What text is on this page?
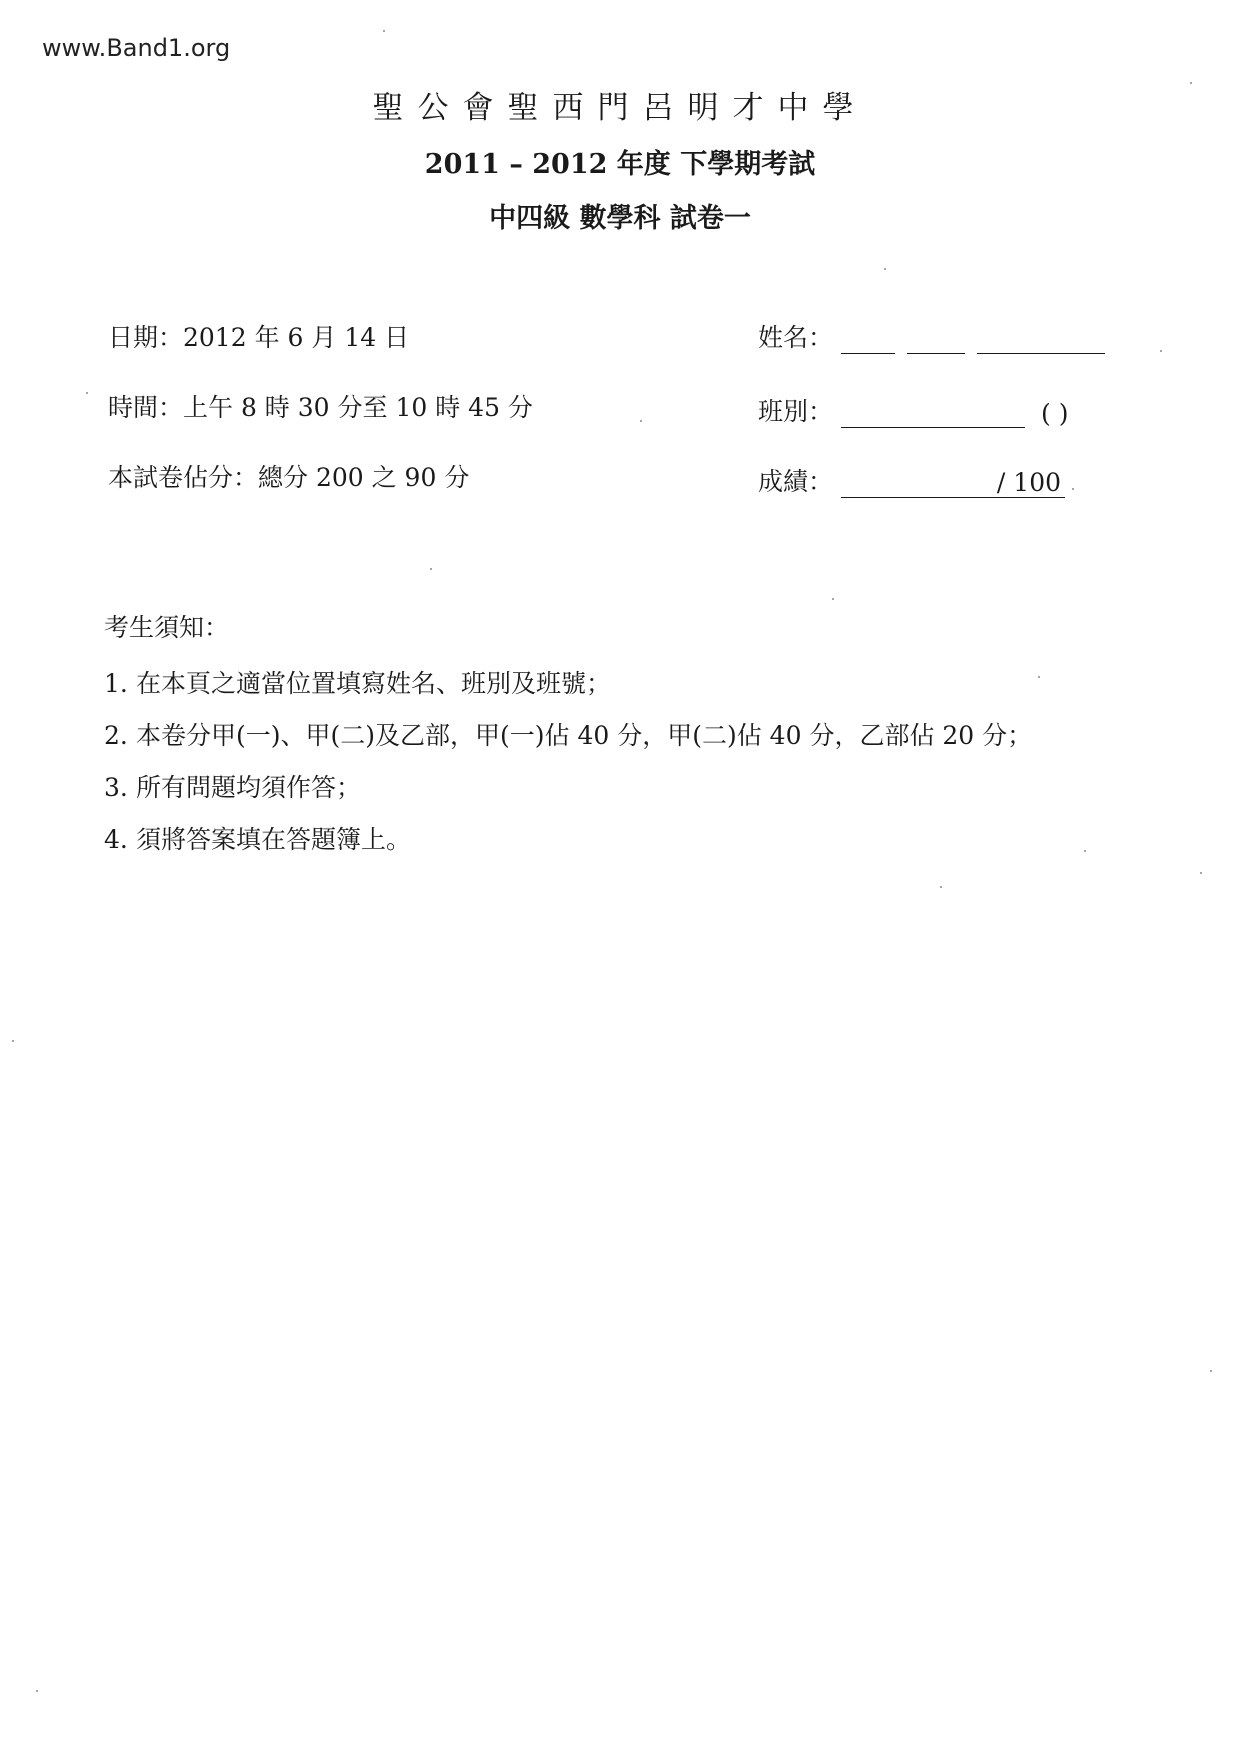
www.Band1.org
聖公會聖西門呂明才中學
2011 – 2012 年度 下學期考試
中四級 數學科 試卷一
日期：2012 年 6 月 14 日
時間：上午 8 時 30 分至 10 時 45 分
本試卷佔分：總分 200 之 90 分
姓名：
班別：	( )
成績：	/ 100
考生須知：
1. 在本頁之適當位置填寫姓名、班別及班號；
2. 本卷分甲(一)、甲(二)及乙部，甲(一)佔 40 分，甲(二)佔 40 分，乙部佔 20 分；
3. 所有問題均須作答；
4. 須將答案填在答題簿上。
